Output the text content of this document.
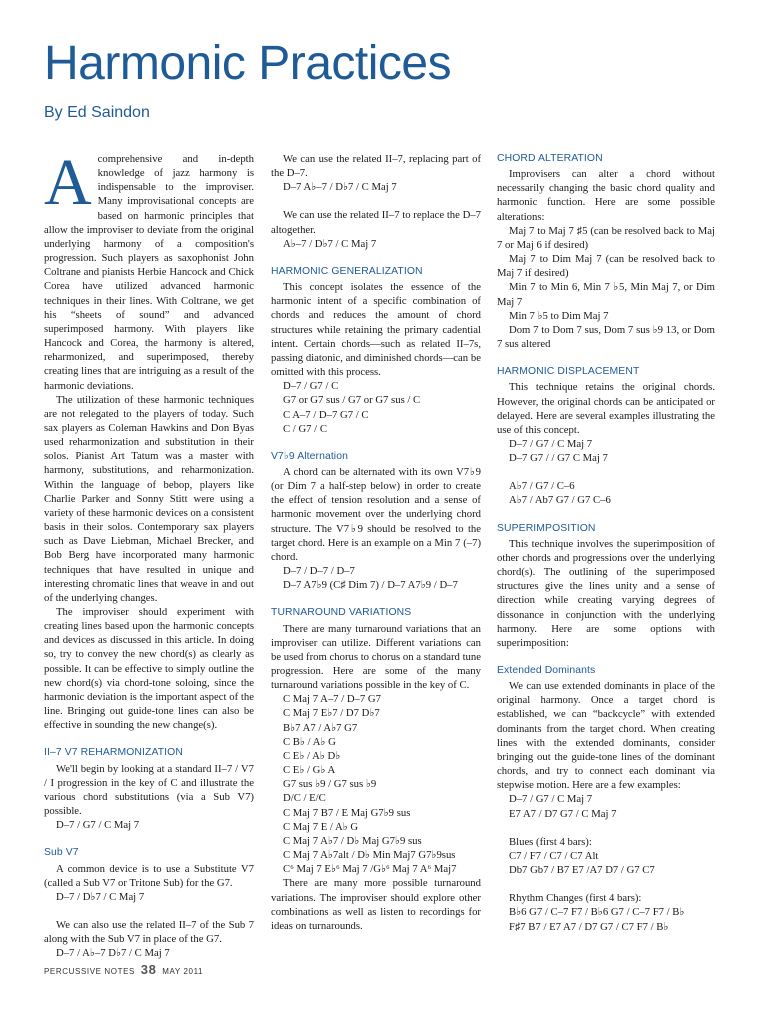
Harmonic Practices
By Ed Saindon

Acomprehensive and in-depth knowledge of jazz harmony is indispensable to the improviser. Many improvisational concepts are based on harmonic principles that allow the improviser to deviate from the original underlying harmony of a composition's progression. Such players as saxophonist John Coltrane and pianists Herbie Hancock and Chick Corea have utilized advanced harmonic techniques in their lines. With Coltrane, we get his “sheets of sound” and advanced superimposed harmony. With players like Hancock and Corea, the harmony is altered, reharmonized, and superimposed, thereby creating lines that are intriguing as a result of the harmonic deviations.

The utilization of these harmonic techniques are not relegated to the players of today. Such sax players as Coleman Hawkins and Don Byas used reharmonization and substitution in their solos. Pianist Art Tatum was a master with harmony, substitutions, and reharmonization. Within the language of bebop, players like Charlie Parker and Sonny Stitt were using a variety of these harmonic devices on a consistent basis in their solos. Contemporary sax players such as Dave Liebman, Michael Brecker, and Bob Berg have incorporated many harmonic techniques that have resulted in unique and interesting chromatic lines that weave in and out of the underlying changes.

The improviser should experiment with creating lines based upon the harmonic concepts and devices as discussed in this article. In doing so, try to convey the new chord(s) as clearly as possible. It can be effective to simply outline the new chord(s) via chord-tone soloing, since the harmonic deviation is the important aspect of the line. Bringing out guide-tone lines can also be effective in sounding the new change(s).

II–7 V7 REHARMONIZATION

We'll begin by looking at a standard II–7 / V7 / I progression in the key of C and illustrate the various chord substitutions (via a Sub V7) possible.

D–7 / G7 / C Maj 7
Sub V7

A common device is to use a Substitute V7 (called a Sub V7 or Tritone Sub) for the G7.

D–7 / D♭7 / C Maj 7

We can also use the related II–7 of the Sub 7 along with the Sub V7 in place of the G7.

D–7 / A♭–7 D♭7 / C Maj 7

We can use the related II–7, replacing part of the D–7.

D–7 A♭–7 / D♭7 / C Maj 7

We can use the related II–7 to replace the D–7 altogether.

A♭–7 / D♭7 / C Maj 7
HARMONIC GENERALIZATION

This concept isolates the essence of the harmonic intent of a specific combination of chords and reduces the amount of chord structures while retaining the primary cadential intent. Certain chords—such as related II–7s, passing diatonic, and diminished chords—can be omitted with this process.

D–7 / G7 / C
G7 or G7 sus / G7 or G7 sus / C
C A–7 / D–7 G7 / C
C / G7 / C
V7♭9 Alternation

A chord can be alternated with its own V7♭9 (or Dim 7 a half-step below) in order to create the effect of tension resolution and a sense of harmonic movement over the underlying chord structure. The V7♭9 should be resolved to the target chord. Here is an example on a Min 7 (–7) chord.

D–7 / D–7 / D–7
D–7 A7♭9 (C♯ Dim 7) / D–7 A7♭9 / D–7
TURNAROUND VARIATIONS

There are many turnaround variations that an improviser can utilize. Different variations can be used from chorus to chorus on a standard tune progression. Here are some of the many turnaround variations possible in the key of C.

C Maj 7 A–7 / D–7 G7
C Maj 7 E♭7 / D7 D♭7
B♭7 A7 / A♭7 G7
C B♭ / A♭ G
C E♭ / A♭ D♭
C E♭ / G♭ A
G7 sus ♭9 / G7 sus ♭9
D/C / E/C
C Maj 7 B7 / E Maj G7♭9 sus
C Maj 7 E / A♭ G
C Maj 7 A♭7 / D♭ Maj G7♭9 sus
C Maj 7 A♭7alt / D♭ Min Maj7 G7♭9sus
C⁶ Maj 7 E♭⁶ Maj 7 /G♭⁶ Maj 7 A⁶ Maj7

There are many more possible turnaround variations. The improviser should explore other combinations as well as listen to recordings for ideas on turnarounds.

CHORD ALTERATION

Improvisers can alter a chord without necessarily changing the basic chord quality and harmonic function. Here are some possible alterations:

Maj 7 to Maj 7 ♯5 (can be resolved back to Maj 7 or Maj 6 if desired)

Maj 7 to Dim Maj 7 (can be resolved back to Maj 7 if desired)

Min 7 to Min 6, Min 7 ♭5, Min Maj 7, or Dim Maj 7

Min 7 ♭5 to Dim Maj 7

Dom 7 to Dom 7 sus, Dom 7 sus ♭9 13, or Dom 7 sus altered

HARMONIC DISPLACEMENT

This technique retains the original chords. However, the original chords can be anticipated or delayed. Here are several examples illustrating the use of this concept.

D–7 / G7 / C Maj 7
D–7 G7 / / G7 C Maj 7
A♭7 / G7 / C–6
A♭7 / Ab7 G7 / G7 C–6
SUPERIMPOSITION

This technique involves the superimposition of other chords and progressions over the underlying chord(s). The outlining of the superimposed structures give the lines unity and a sense of direction while creating varying degrees of dissonance in conjunction with the underlying harmony. Here are some options with superimposition:

Extended Dominants

We can use extended dominants in place of the original harmony. Once a target chord is established, we can “backcycle” with extended dominants from the target chord. When creating lines with the extended dominants, consider bringing out the guide-tone lines of the dominant chords, and try to connect each dominant via stepwise motion. Here are a few examples:

D–7 / G7 / C Maj 7
E7 A7 / D7 G7 / C Maj 7
Blues (first 4 bars):
C7 / F7 / C7 / C7 Alt
Db7 Gb7 / B7 E7 /A7 D7 / G7 C7
Rhythm Changes (first 4 bars):
B♭6 G7 / C–7 F7 / B♭6 G7 / C–7 F7 / B♭
F♯7 B7 / E7 A7 / D7 G7 / C7 F7 / B♭
PERCUSSIVE NOTES 38 MAY 2011
